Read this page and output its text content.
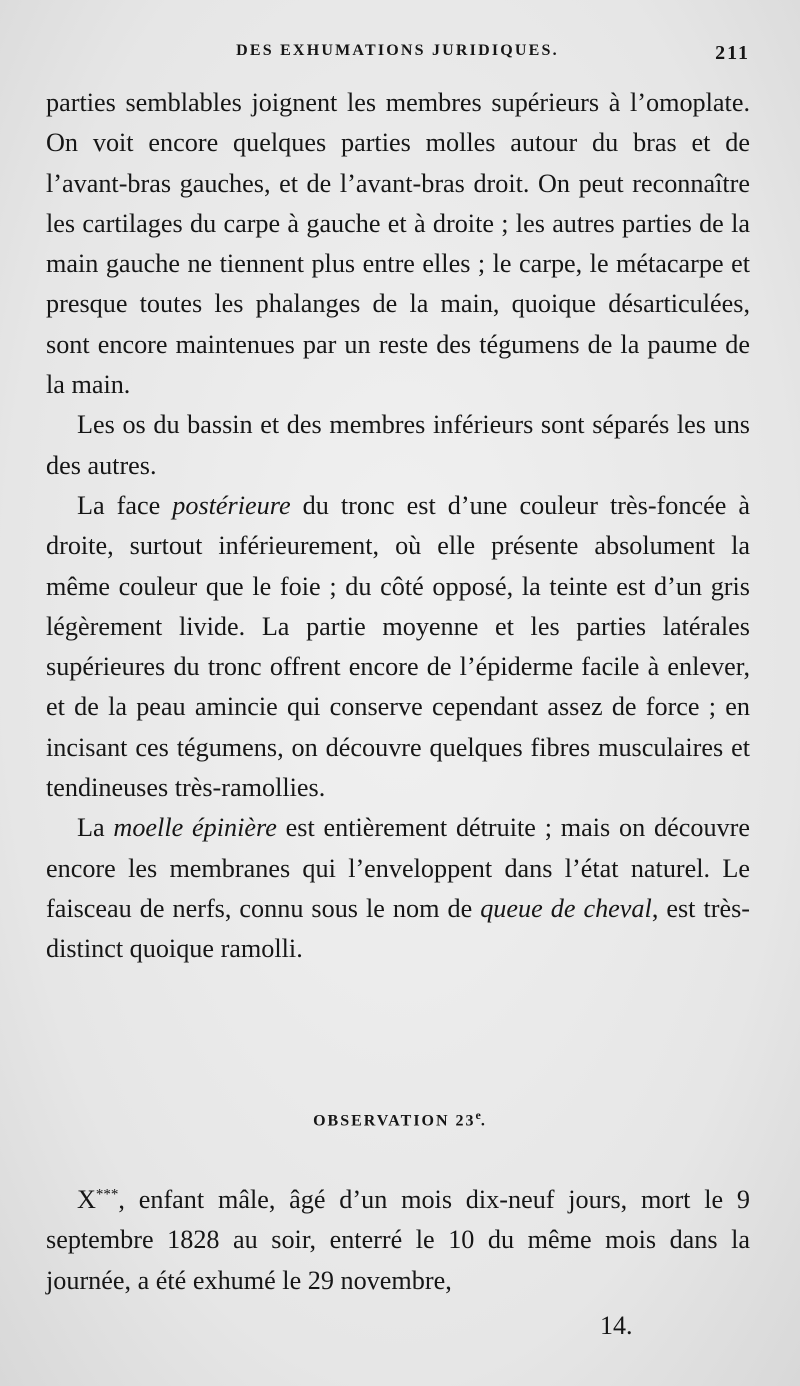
DES EXHUMATIONS JURIDIQUES.	211

parties semblables joignent les membres supérieurs à l’omoplate. On voit encore quelques parties molles autour du bras et de l’avant-bras gauches, et de l’avant-bras droit. On peut reconnaître les cartilages du carpe à gauche et à droite ; les autres parties de la main gauche ne tiennent plus entre elles ; le carpe, le métacarpe et presque toutes les phalanges de la main, quoique désarticulées, sont encore maintenues par un reste des tégumens de la paume de la main.

Les os du bassin et des membres inférieurs sont séparés les uns des autres.

La face postérieure du tronc est d’une couleur très-foncée à droite, surtout inférieurement, où elle présente absolument la même couleur que le foie ; du côté opposé, la teinte est d’un gris légèrement livide. La partie moyenne et les parties latérales supérieures du tronc offrent encore de l’épiderme facile à enlever, et de la peau amincie qui conserve cependant assez de force ; en incisant ces tégumens, on découvre quelques fibres musculaires et tendineuses très-ramollies.

La moelle épinière est entièrement détruite ; mais on découvre encore les membranes qui l’enveloppent dans l’état naturel. Le faisceau de nerfs, connu sous le nom de queue de cheval, est très-distinct quoique ramolli.

OBSERVATION 23e.

X***, enfant mâle, âgé d’un mois dix-neuf jours, mort le 9 septembre 1828 au soir, enterré le 10 du même mois dans la journée, a été exhumé le 29 novembre,

14.
